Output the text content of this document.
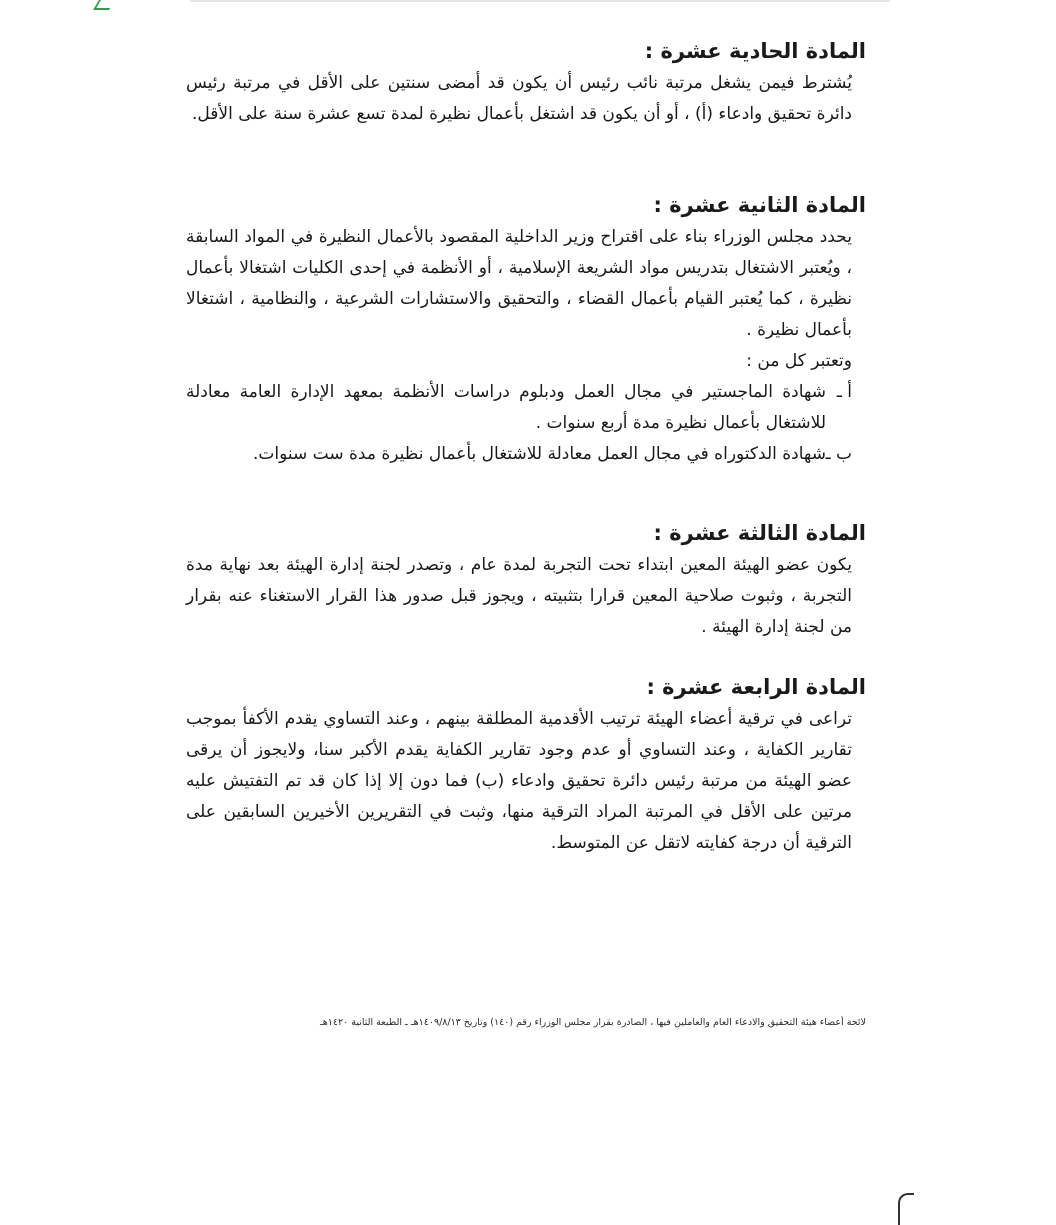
المادة الحادية عشرة :

يُشترط فيمن يشغل مرتبة نائب رئيس أن يكون قد أمضى سنتين على الأقل في مرتبة رئيس دائرة تحقيق وادعاء (أ) ، أو أن يكون قد اشتغل بأعمال نظيرة لمدة تسع عشرة سنة على الأقل.

المادة الثانية عشرة :

يحدد مجلس الوزراء بناء على اقتراح وزير الداخلية المقصود بالأعمال النظيرة في المواد السابقة ، ويُعتبر الاشتغال بتدريس مواد الشريعة الإسلامية ، أو الأنظمة في إحدى الكليات اشتغالا بأعمال نظيرة ، كما يُعتبر القيام بأعمال القضاء ، والتحقيق والاستشارات الشرعية ، والنظامية ، اشتغالا بأعمال نظيرة .

وتعتبر كل من :

أ ـ
شهادة الماجستير في مجال العمل ودبلوم دراسات الأنظمة بمعهد الإدارة العامة معادلة للاشتغال بأعمال نظيرة مدة أربع سنوات .
ب ـ
شهادة الدكتوراه في مجال العمل معادلة للاشتغال بأعمال نظيرة مدة ست سنوات.
المادة الثالثة عشرة :

يكون عضو الهيئة المعين ابتداء تحت التجربة لمدة عام ، وتصدر لجنة إدارة الهيئة بعد نهاية مدة التجربة ، وثبوت صلاحية المعين قرارا بتثبيته ، ويجوز قبل صدور هذا القرار الاستغناء عنه بقرار من لجنة إدارة الهيئة .

المادة الرابعة عشرة :

تراعى في ترقية أعضاء الهيئة ترتيب الأقدمية المطلقة بينهم ، وعند التساوي يقدم الأكفأ بموجب تقارير الكفاية ، وعند التساوي أو عدم وجود تقارير الكفاية يقدم الأكبر سنا، ولايجوز أن يرقى عضو الهيئة من مرتبة رئيس دائرة تحقيق وادعاء (ب) فما دون إلا إذا كان قد تم التفتيش عليه مرتين على الأقل في المرتبة المراد الترقية منها، وثبت في التقريرين الأخيرين السابقين على الترقية أن درجة كفايته لاتقل عن المتوسط.

لائحة أعضاء هيئة التحقيق والادعاء العام والعاملين فيها ، الصادرة بقرار مجلس الوزراء رقم (١٤٠) وتاريخ ١٤٠٩/٨/١٣هـ ـ الطبعة الثانية ١٤٢٠هـ
